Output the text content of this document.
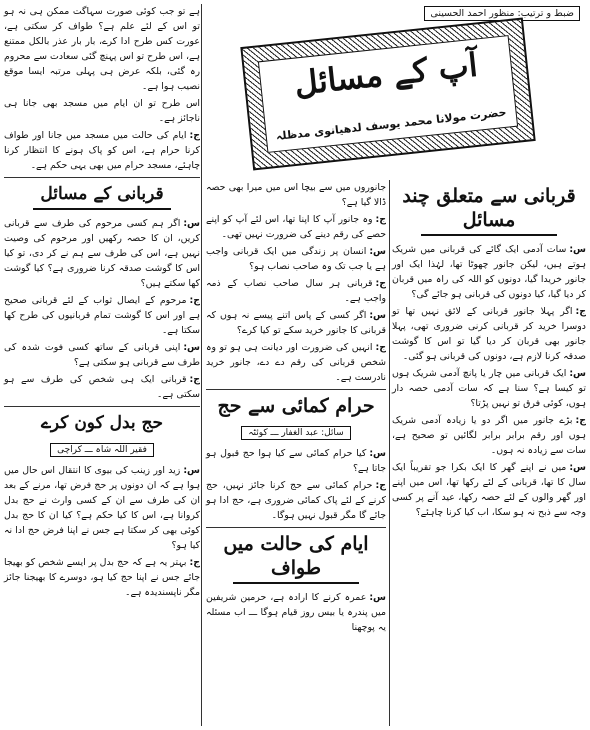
ضبط و ترتیب: منظور احمد الحسینی
آپ کے مسائل
حضرت مولانا محمد یوسف لدھیانوی مدظلہ

ہے تو جب کوئی صورت سہاگت ممکن ہی نہ ہو تو اس کے لئے علم ہے؟ طواف کر سکتی ہے، عورت کس طرح ادا کرے، بار بار عذر بالکل ممتنع ہے، اس طرح تو اس پہنچ گئی سعادت سے محروم رہ گئی، بلکہ عرض ہی پہلی مرتبہ ایسا موقع نصیب ہوا ہے۔

اس طرح تو ان ایام میں مسجد بھی جانا ہی ناجائز ہے۔

ج:ایام کی حالت میں مسجد میں جانا اور طواف کرنا حرام ہے، اس کو پاک ہونے کا انتظار کرنا چاہئے، مسجد حرام میں بھی یہی حکم ہے۔

قربانی کے مسائل

س:اگر ہم کسی مرحوم کی طرف سے قربانی کریں، ان کا حصہ رکھیں اور مرحوم کی وصیت نہیں ہے، اس کی طرف سے ہم نے کر دی، تو کیا اس کا گوشت صدقہ کرنا ضروری ہے؟ کیا گوشت کھا سکتے ہیں؟

ج:مرحوم کے ایصال ثواب کے لئے قربانی صحیح ہے اور اس کا گوشت تمام قربانیوں کی طرح کھا سکتا ہے۔

س:اپنی قربانی کے ساتھ کسی فوت شدہ کی طرف سے قربانی ہو سکتی ہے؟

ج:قربانی ایک ہی شخص کی طرف سے ہو سکتی ہے۔

حج بدل کون کرے
فقیر اللہ شاہ ـــ کراچی

س:زید اور زینب کی بیوی کا انتقال اس حال میں ہوا ہے کہ ان دونوں پر حج فرض تھا، مرنے کے بعد ان کی طرف سے ان کے کسی وارث نے حج بدل کروانا ہے، اس کا کیا حکم ہے؟ کیا ان کا حج بدل کوئی بھی کر سکتا ہے جس نے اپنا فرض حج ادا نہ کیا ہو؟

ج:بہتر یہ ہے کہ حج بدل پر ایسے شخص کو بھیجا جائے جس نے اپنا حج کیا ہو، دوسرے کا بھیجنا جائز مگر ناپسندیدہ ہے۔

جانوروں میں سے بیچا اس میں میرا بھی حصہ ڈالا گیا ہے؟

ج:وہ جانور آپ کا اپنا تھا، اس لئے آپ کو اپنے حصے کی رقم دینے کی ضرورت نہیں تھی۔

س:انسان پر زندگی میں ایک قربانی واجب ہے یا جب تک وہ صاحب نصاب ہو؟

ج:قربانی ہر سال صاحب نصاب کے ذمہ واجب ہے۔

س:اگر کسی کے پاس اتنے پیسے نہ ہوں کہ قربانی کا جانور خرید سکے تو کیا کرے؟

ج:انہیں کی ضرورت اور دیانت ہی ہو تو وہ شخص قربانی کی رقم دے دے، جانور خرید نادرست ہے۔

حرام کمائی سے حج
سائل: عبد الغفار ـــ کوئٹہ

س:کیا حرام کمائی سے کیا ہوا حج قبول ہو جاتا ہے؟

ج:حرام کمائی سے حج کرنا جائز نہیں، حج کرنے کے لئے پاک کمائی ضروری ہے، حج ادا ہو جائے گا مگر قبول نہیں ہوگا۔

ایام کی حالت میں طواف

س:عمرہ کرنے کا ارادہ ہے، حرمین شریفین میں پندرہ یا بیس روز قیام ہوگا ـــ اب مسئلہ یہ پوچھنا

قربانی سے متعلق چند مسائل

س:سات آدمی ایک گائے کی قربانی میں شریک ہوتے ہیں، لیکن جانور چھوٹا تھا، لہٰذا ایک اور جانور خریدا گیا، دونوں کو اللہ کی راہ میں قربان کر دیا گیا، کیا دونوں کی قربانی ہو جائے گی؟

ج:اگر پہلا جانور قربانی کے لائق نہیں تھا تو دوسرا خرید کر قربانی کرنی ضروری تھی، پہلا جانور بھی قربان کر دیا گیا تو اس کا گوشت صدقہ کرنا لازم ہے، دونوں کی قربانی ہو گئی۔

س:ایک قربانی میں چار یا پانچ آدمی شریک ہوں تو کیسا ہے؟ سنا ہے کہ سات آدمی حصہ دار ہوں، کوئی فرق تو نہیں پڑتا؟

ج:بڑے جانور میں اگر دو یا زیادہ آدمی شریک ہوں اور رقم برابر برابر لگائیں تو صحیح ہے، سات سے زیادہ نہ ہوں۔

س:میں نے اپنے گھر کا ایک بکرا جو تقریباً ایک سال کا تھا، قربانی کے لئے رکھا تھا، اس میں اپنے اور گھر والوں کے لئے حصہ رکھا، عید آنے پر کسی وجہ سے ذبح نہ ہو سکا، اب کیا کرنا چاہئے؟
